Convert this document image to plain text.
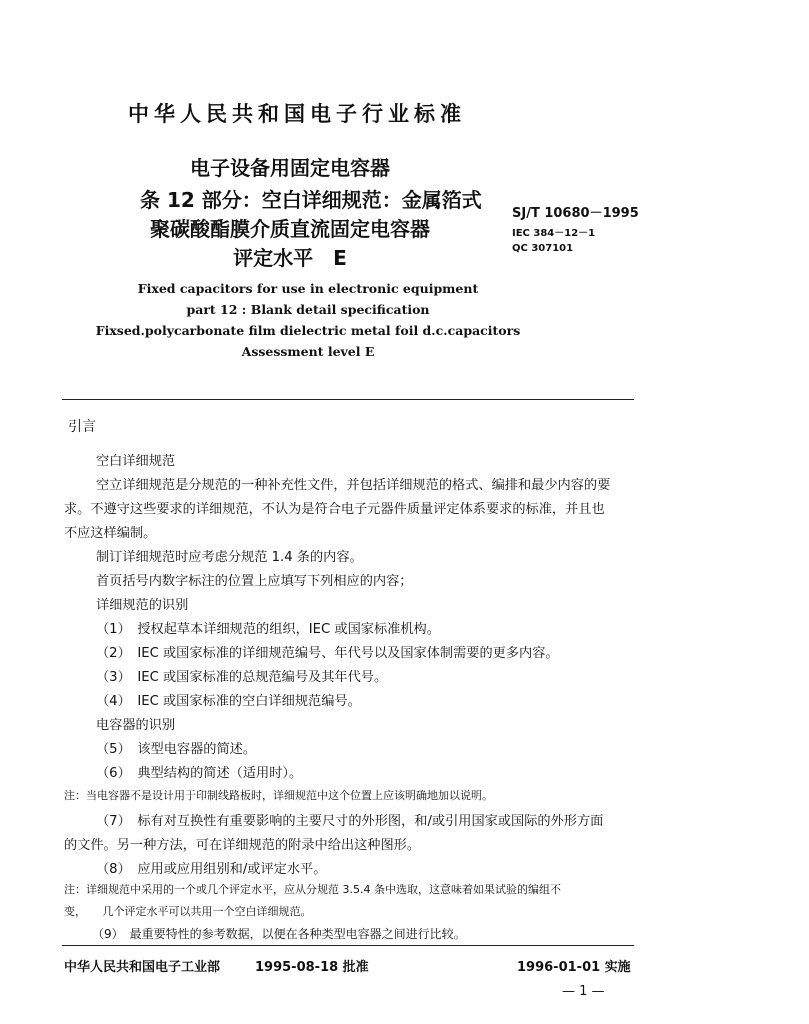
中华人民共和国电子行业标准
电子设备用固定电容器
条 12 部分：空白详细规范：金属箔式
聚碳酸酯膜介质直流固定电容器
评定水平　E
SJ/T 10680－1995
IEC 384－12－1
QC 307101
Fixed capacitors for use in electronic equipment
part 12 : Blank detail specification
Fixsed.polycarbonate film dielectric metal foil d.c.capacitors
Assessment level E
引言
空白详细规范
空立详细规范是分规范的一种补充性文件，并包括详细规范的格式、编排和最少内容的要
求。不遵守这些要求的详细规范，不认为是符合电子元器件质量评定体系要求的标准，并且也
不应这样编制。
制订详细规范时应考虑分规范 1.4 条的内容。
首页括号内数字标注的位置上应填写下列相应的内容；
详细规范的识别
（1）　授权起草本详细规范的组织，IEC 或国家标准机构。
（2）　IEC 或国家标准的详细规范编号、年代号以及国家体制需要的更多内容。
（3）　IEC 或国家标准的总规范编号及其年代号。
（4）　IEC 或国家标准的空白详细规范编号。
电容器的识别
（5）　该型电容器的简述。
（6）　典型结构的简述（适用时）。
注：当电容器不是设计用于印制线路板时，详细规范中这个位置上应该明确地加以说明。
（7）　标有对互换性有重要影响的主要尺寸的外形图，和/或引用国家或国际的外形方面
的文件。另一种方法，可在详细规范的附录中给出这种图形。
（8）　应用或应用组别和/或评定水平。
注：详细规范中采用的一个或几个评定水平，应从分规范 3.5.4 条中选取，这意味着如果试验的编组不
变，　　几个评定水平可以共用一个空白详细规范。
（9）　最重要特性的参考数据，以便在各种类型电容器之间进行比较。
中华人民共和国电子工业部	1995-08-18 批准	1996-01-01 实施
— 1 —
